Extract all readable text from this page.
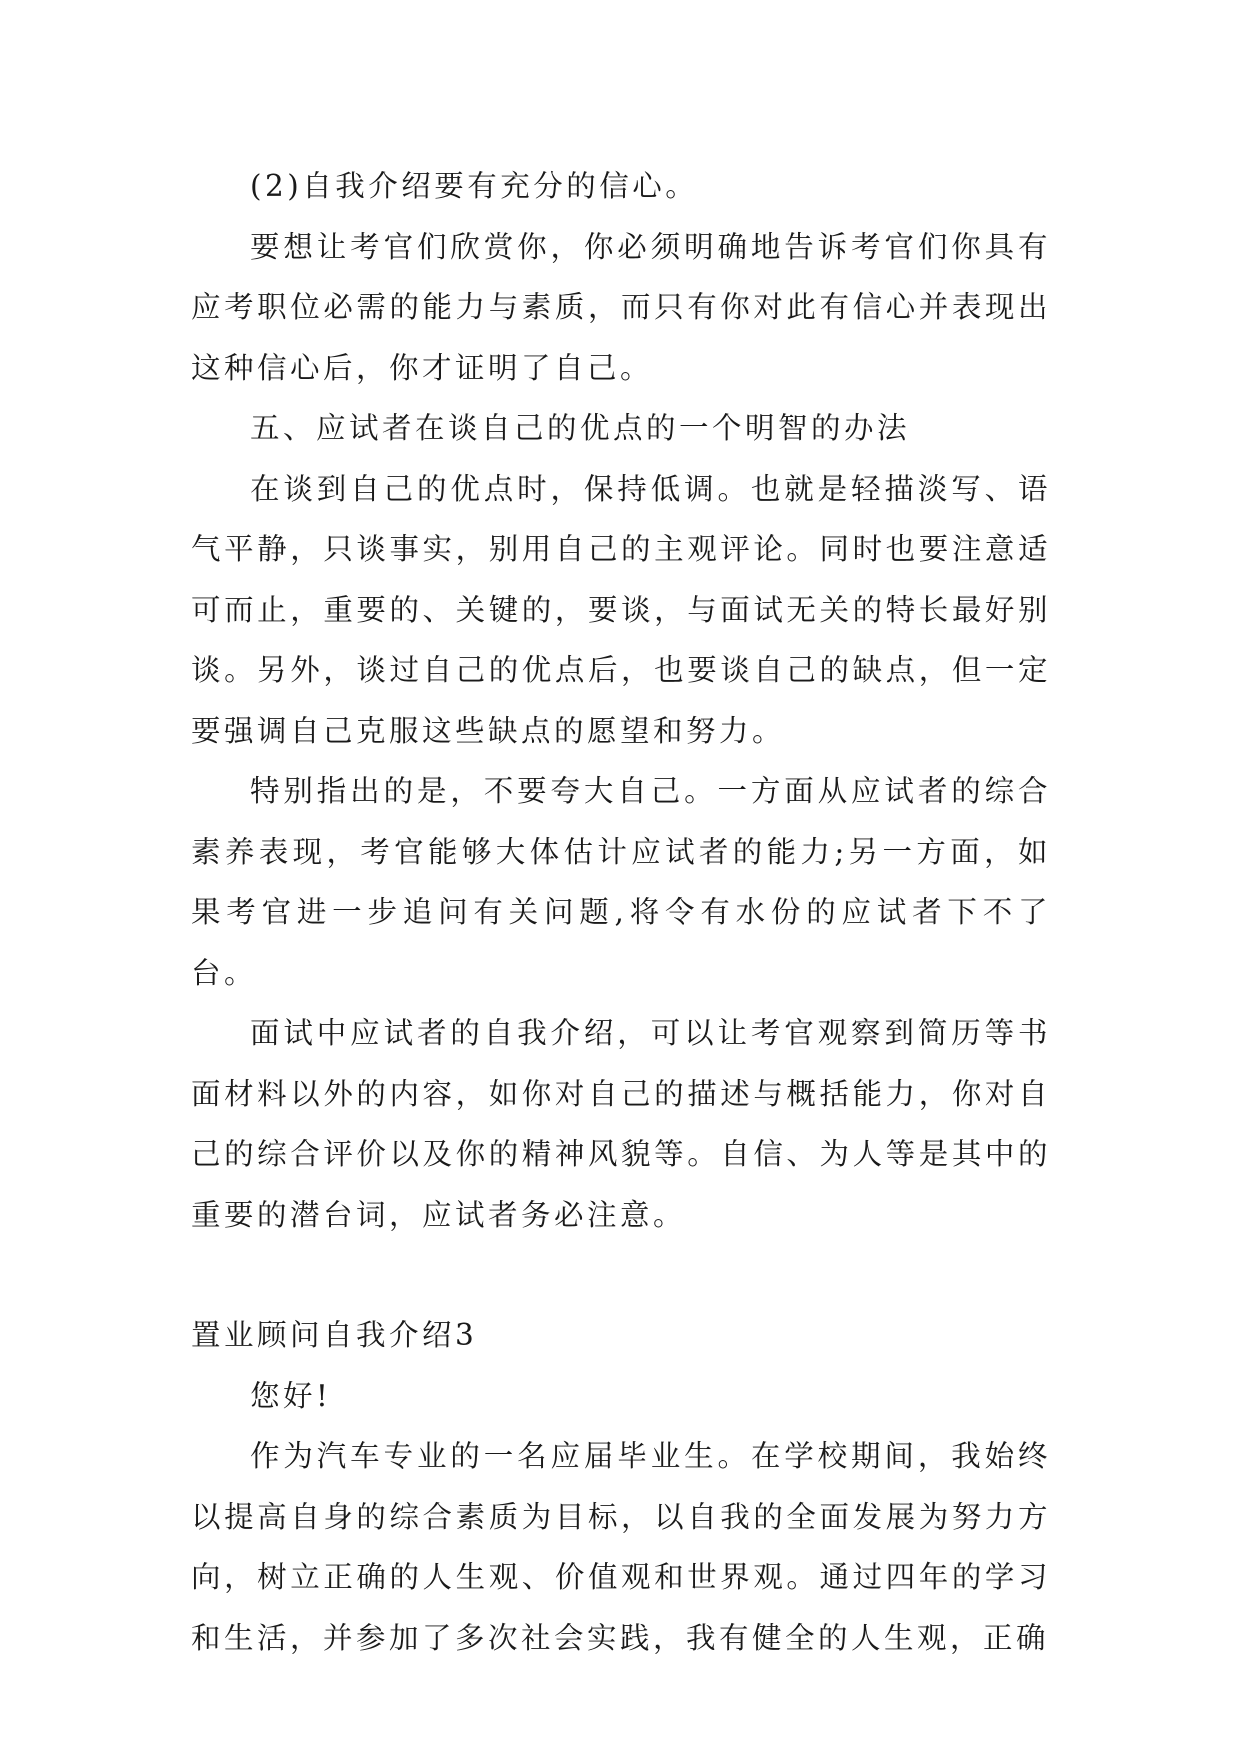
(2)自我介绍要有充分的信心。

要想让考官们欣赏你，你必须明确地告诉考官们你具有应考职位必需的能力与素质，而只有你对此有信心并表现出这种信心后，你才证明了自己。

五、应试者在谈自己的优点的一个明智的办法

在谈到自己的优点时，保持低调。也就是轻描淡写、语气平静，只谈事实，别用自己的主观评论。同时也要注意适可而止，重要的、关键的，要谈，与面试无关的特长最好别谈。另外，谈过自己的优点后，也要谈自己的缺点，但一定要强调自己克服这些缺点的愿望和努力。

特别指出的是，不要夸大自己。一方面从应试者的综合素养表现，考官能够大体估计应试者的能力;另一方面，如果考官进一步追问有关问题,将令有水份的应试者下不了台。

面试中应试者的自我介绍，可以让考官观察到简历等书面材料以外的内容，如你对自己的描述与概括能力，你对自己的综合评价以及你的精神风貌等。自信、为人等是其中的重要的潜台词，应试者务必注意。

置业顾问自我介绍3

您好!

作为汽车专业的一名应届毕业生。在学校期间，我始终以提高自身的综合素质为目标，以自我的全面发展为努力方向，树立正确的人生观、价值观和世界观。通过四年的学习和生活，并参加了多次社会实践，我有健全的人生观，正确
